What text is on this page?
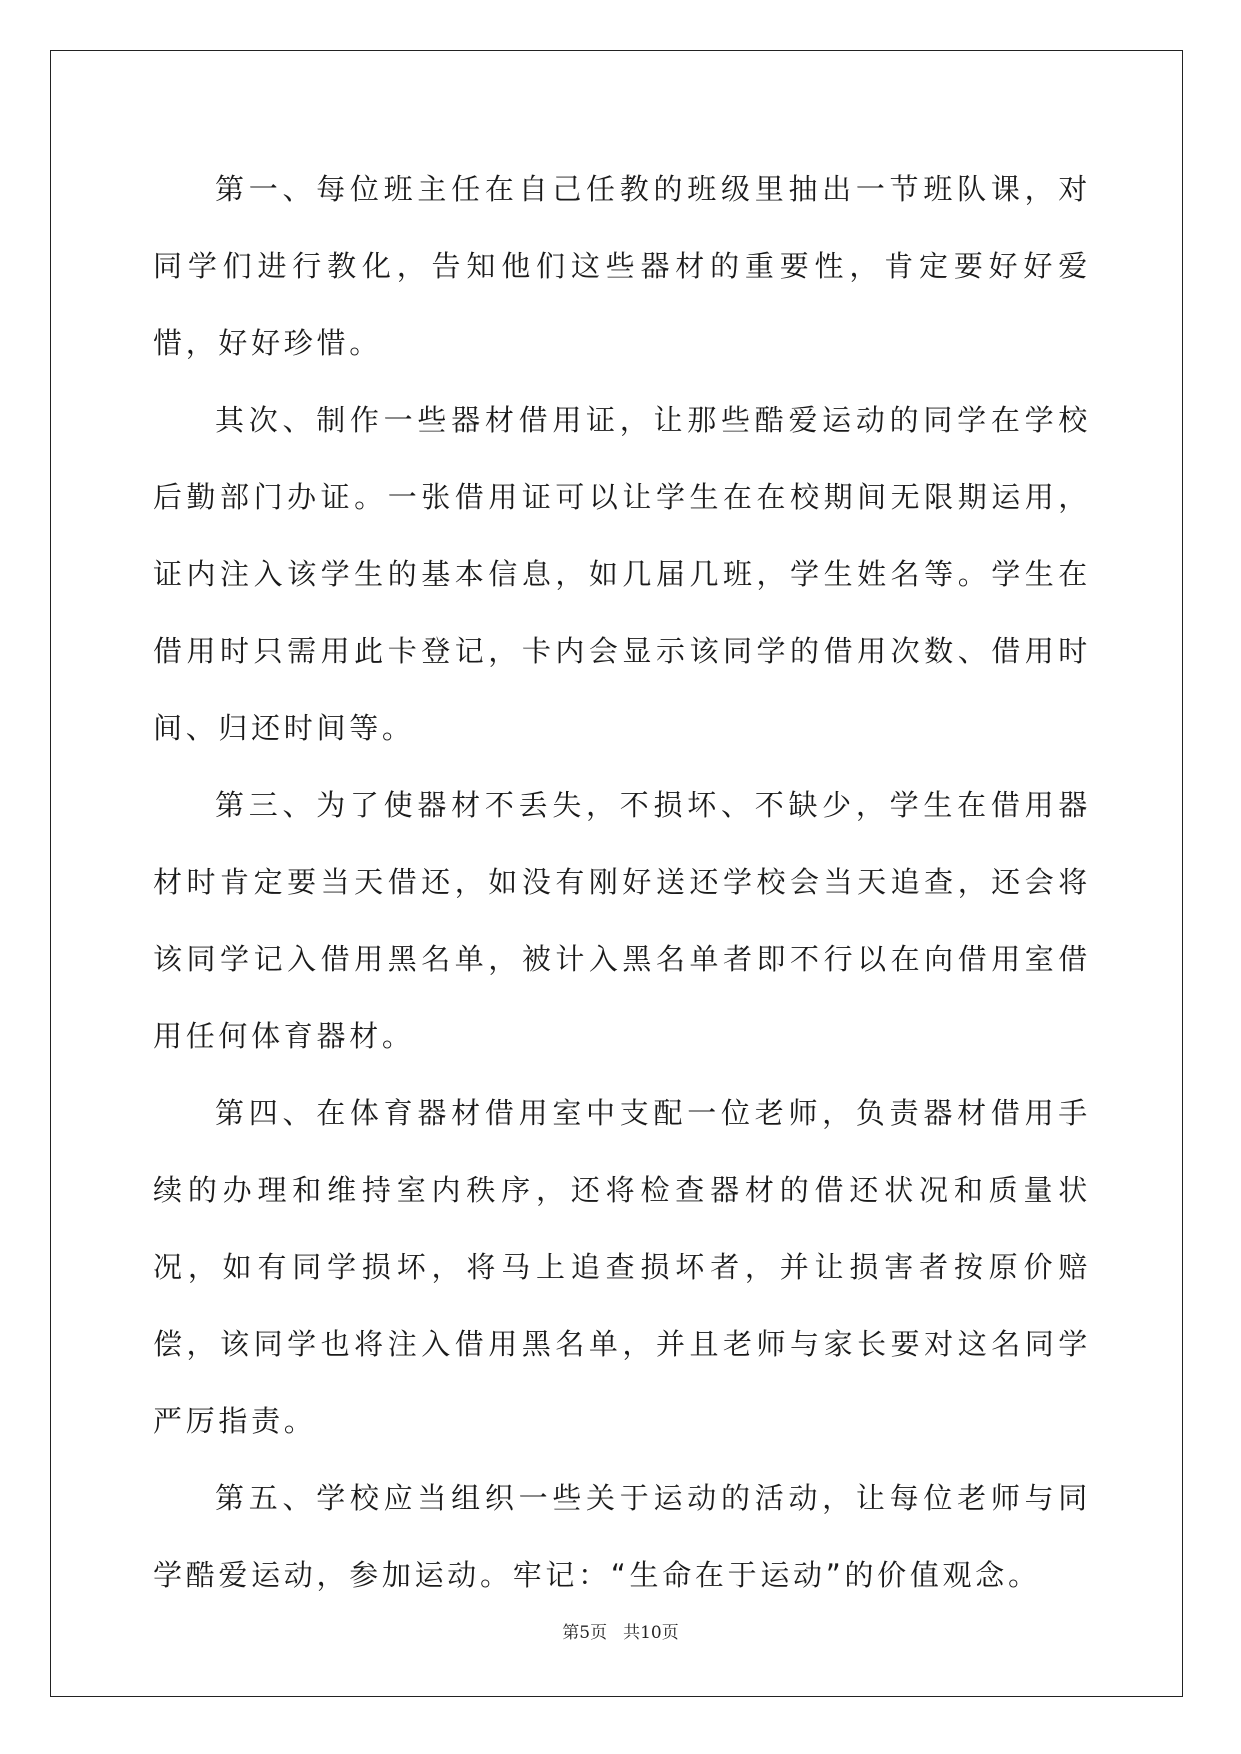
第一、每位班主任在自己任教的班级里抽出一节班队课，对同学们进行教化，告知他们这些器材的重要性，肯定要好好爱惜，好好珍惜。

其次、制作一些器材借用证，让那些酷爱运动的同学在学校后勤部门办证。一张借用证可以让学生在在校期间无限期运用，证内注入该学生的基本信息，如几届几班，学生姓名等。学生在借用时只需用此卡登记，卡内会显示该同学的借用次数、借用时间、归还时间等。

第三、为了使器材不丢失，不损坏、不缺少，学生在借用器材时肯定要当天借还，如没有刚好送还学校会当天追查，还会将该同学记入借用黑名单，被计入黑名单者即不行以在向借用室借用任何体育器材。

第四、在体育器材借用室中支配一位老师，负责器材借用手续的办理和维持室内秩序，还将检查器材的借还状况和质量状况，如有同学损坏，将马上追查损坏者，并让损害者按原价赔偿，该同学也将注入借用黑名单，并且老师与家长要对这名同学严厉指责。

第五、学校应当组织一些关于运动的活动，让每位老师与同学酷爱运动，参加运动。牢记：“生命在于运动”的价值观念。

第5页 共10页
